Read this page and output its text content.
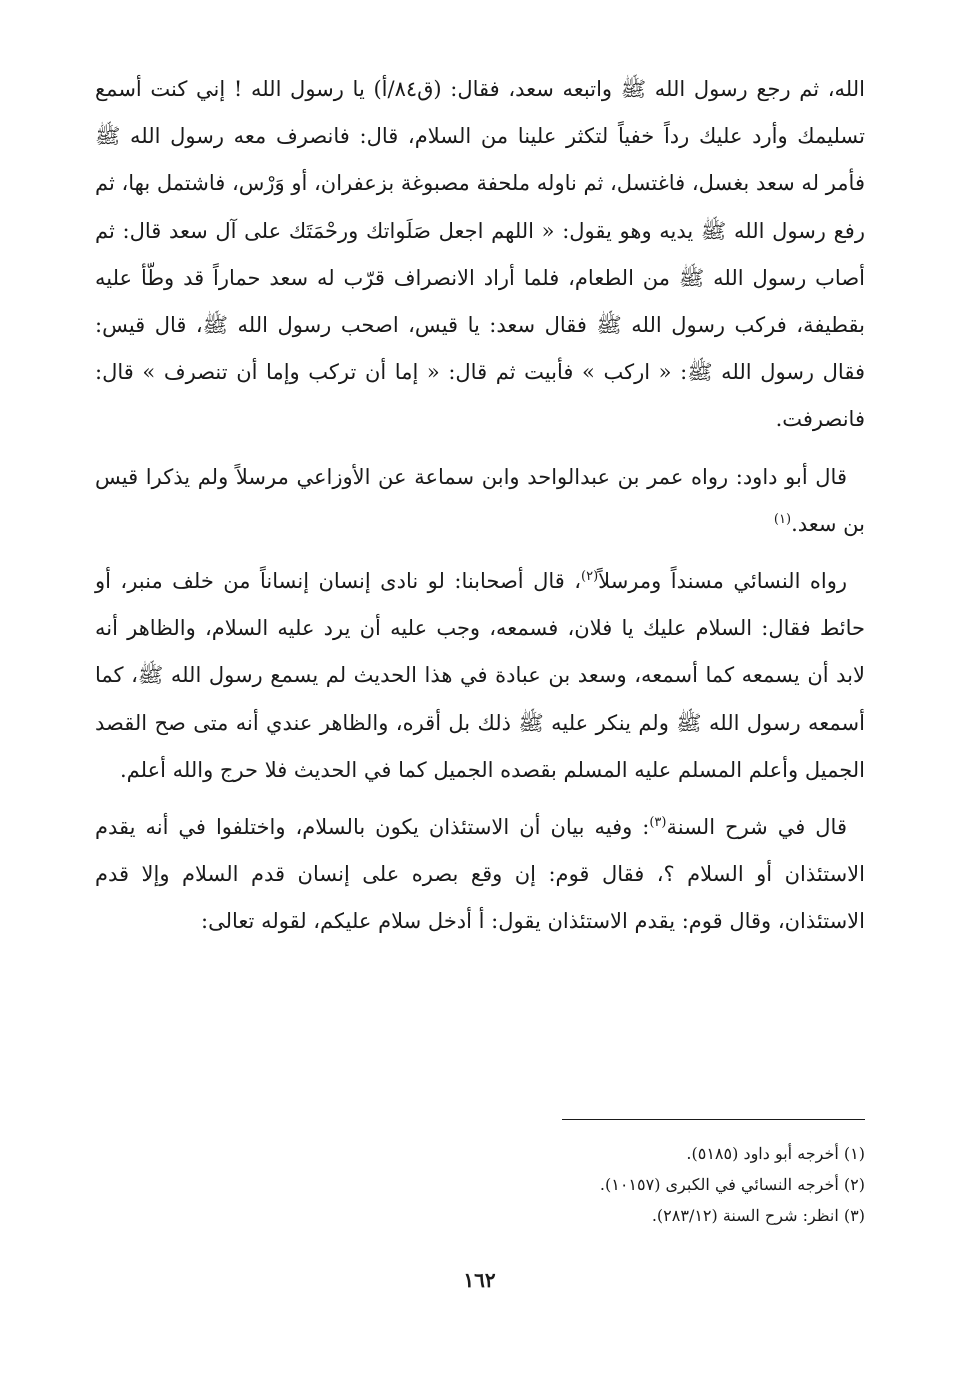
الله، ثم رجع رسول الله ﷺ واتبعه سعد، فقال: (ق٨٤/أ) يا رسول الله ! إني كنت أسمع تسليمك وأرد عليك رداً خفياً لتكثر علينا من السلام، قال: فانصرف معه رسول الله ﷺ فأمر له سعد بغسل، فاغتسل، ثم ناوله ملحفة مصبوغة بزعفران، أو وَرْس، فاشتمل بها، ثم رفع رسول الله ﷺ يديه وهو يقول: « اللهم اجعل صَلَواتك ورحْمَتَك على آل سعد قال: ثم أصاب رسول الله ﷺ من الطعام، فلما أراد الانصراف قرّب له سعد حماراً قد وطّأ عليه بقطيفة، فركب رسول الله ﷺ فقال سعد: يا قيس، اصحب رسول الله ﷺ، قال قيس: فقال رسول الله ﷺ: « اركب » فأبيت ثم قال: « إما أن تركب وإما أن تنصرف » قال: فانصرفت.

قال أبو داود: رواه عمر بن عبدالواحد وابن سماعة عن الأوزاعي مرسلاً ولم يذكرا قيس بن سعد.$^{(١)}$

رواه النسائي مسنداً ومرسلاً$^{(٢)}$، قال أصحابنا: لو نادى إنسان إنساناً من خلف منبر، أو حائط فقال: السلام عليك يا فلان، فسمعه، وجب عليه أن يرد عليه السلام، والظاهر أنه لابد أن يسمعه كما أسمعه، وسعد بن عبادة في هذا الحديث لم يسمع رسول الله ﷺ، كما أسمعه رسول الله ﷺ ولم ينكر عليه ﷺ ذلك بل أقره، والظاهر عندي أنه متى صح القصد الجميل وأعلم المسلم عليه المسلم بقصده الجميل كما في الحديث فلا حرج والله أعلم.

قال في شرح السنة$^{(٣)}$: وفيه بيان أن الاستئذان يكون بالسلام، واختلفوا في أنه يقدم الاستئذان أو السلام ؟، فقال قوم: إن وقع بصره على إنسان قدم السلام وإلا قدم الاستئذان، وقال قوم: يقدم الاستئذان يقول: أ أدخل سلام عليكم، لقوله تعالى:

(١) أخرجه أبو داود (٥١٨٥).

(٢) أخرجه النسائي في الكبرى (١٠١٥٧).

(٣) انظر: شرح السنة (٢٨٣/١٢).

١٦٢
